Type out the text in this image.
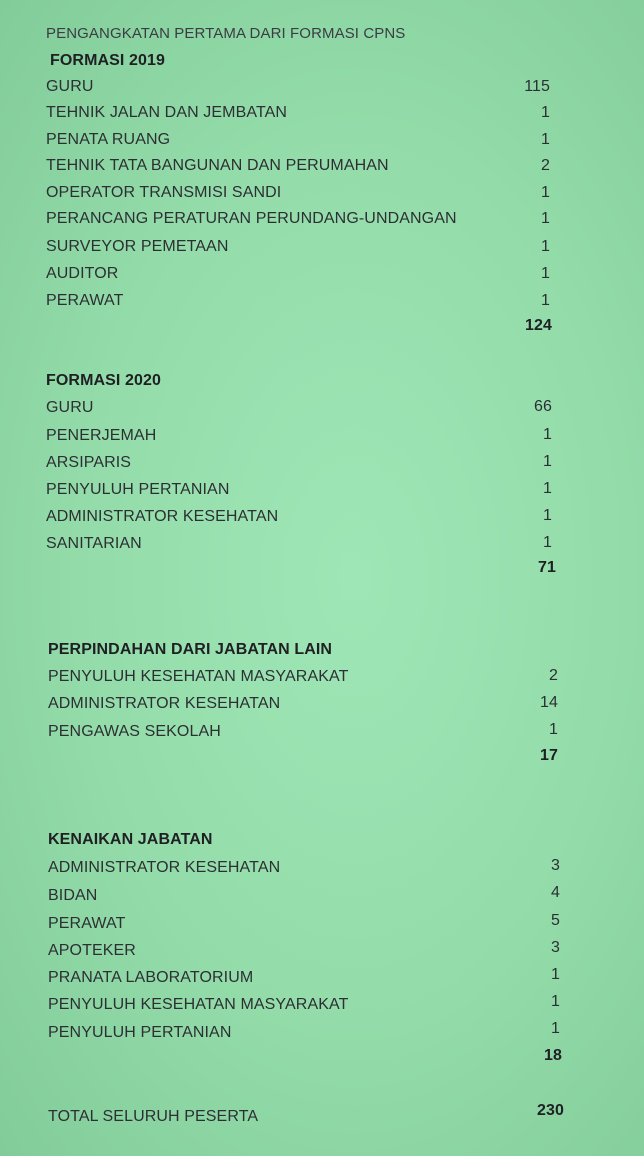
PENGANGKATAN PERTAMA DARI FORMASI CPNS
FORMASI 2019
GURU	115
TEHNIK JALAN DAN JEMBATAN	1
PENATA RUANG	1
TEHNIK TATA BANGUNAN DAN PERUMAHAN	2
OPERATOR TRANSMISI SANDI	1
PERANCANG PERATURAN PERUNDANG-UNDANGAN	1
SURVEYOR PEMETAAN	1
AUDITOR	1
PERAWAT	1
124
FORMASI 2020
GURU	66
PENERJEMAH	1
ARSIPARIS	1
PENYULUH PERTANIAN	1
ADMINISTRATOR KESEHATAN	1
SANITARIAN	1
71
PERPINDAHAN DARI JABATAN LAIN
PENYULUH KESEHATAN MASYARAKAT	2
ADMINISTRATOR KESEHATAN	14
PENGAWAS SEKOLAH	1
17
KENAIKAN JABATAN
ADMINISTRATOR KESEHATAN	3
BIDAN	4
PERAWAT	5
APOTEKER	3
PRANATA LABORATORIUM	1
PENYULUH KESEHATAN MASYARAKAT	1
PENYULUH PERTANIAN	1
18
TOTAL SELURUH PESERTA	230
